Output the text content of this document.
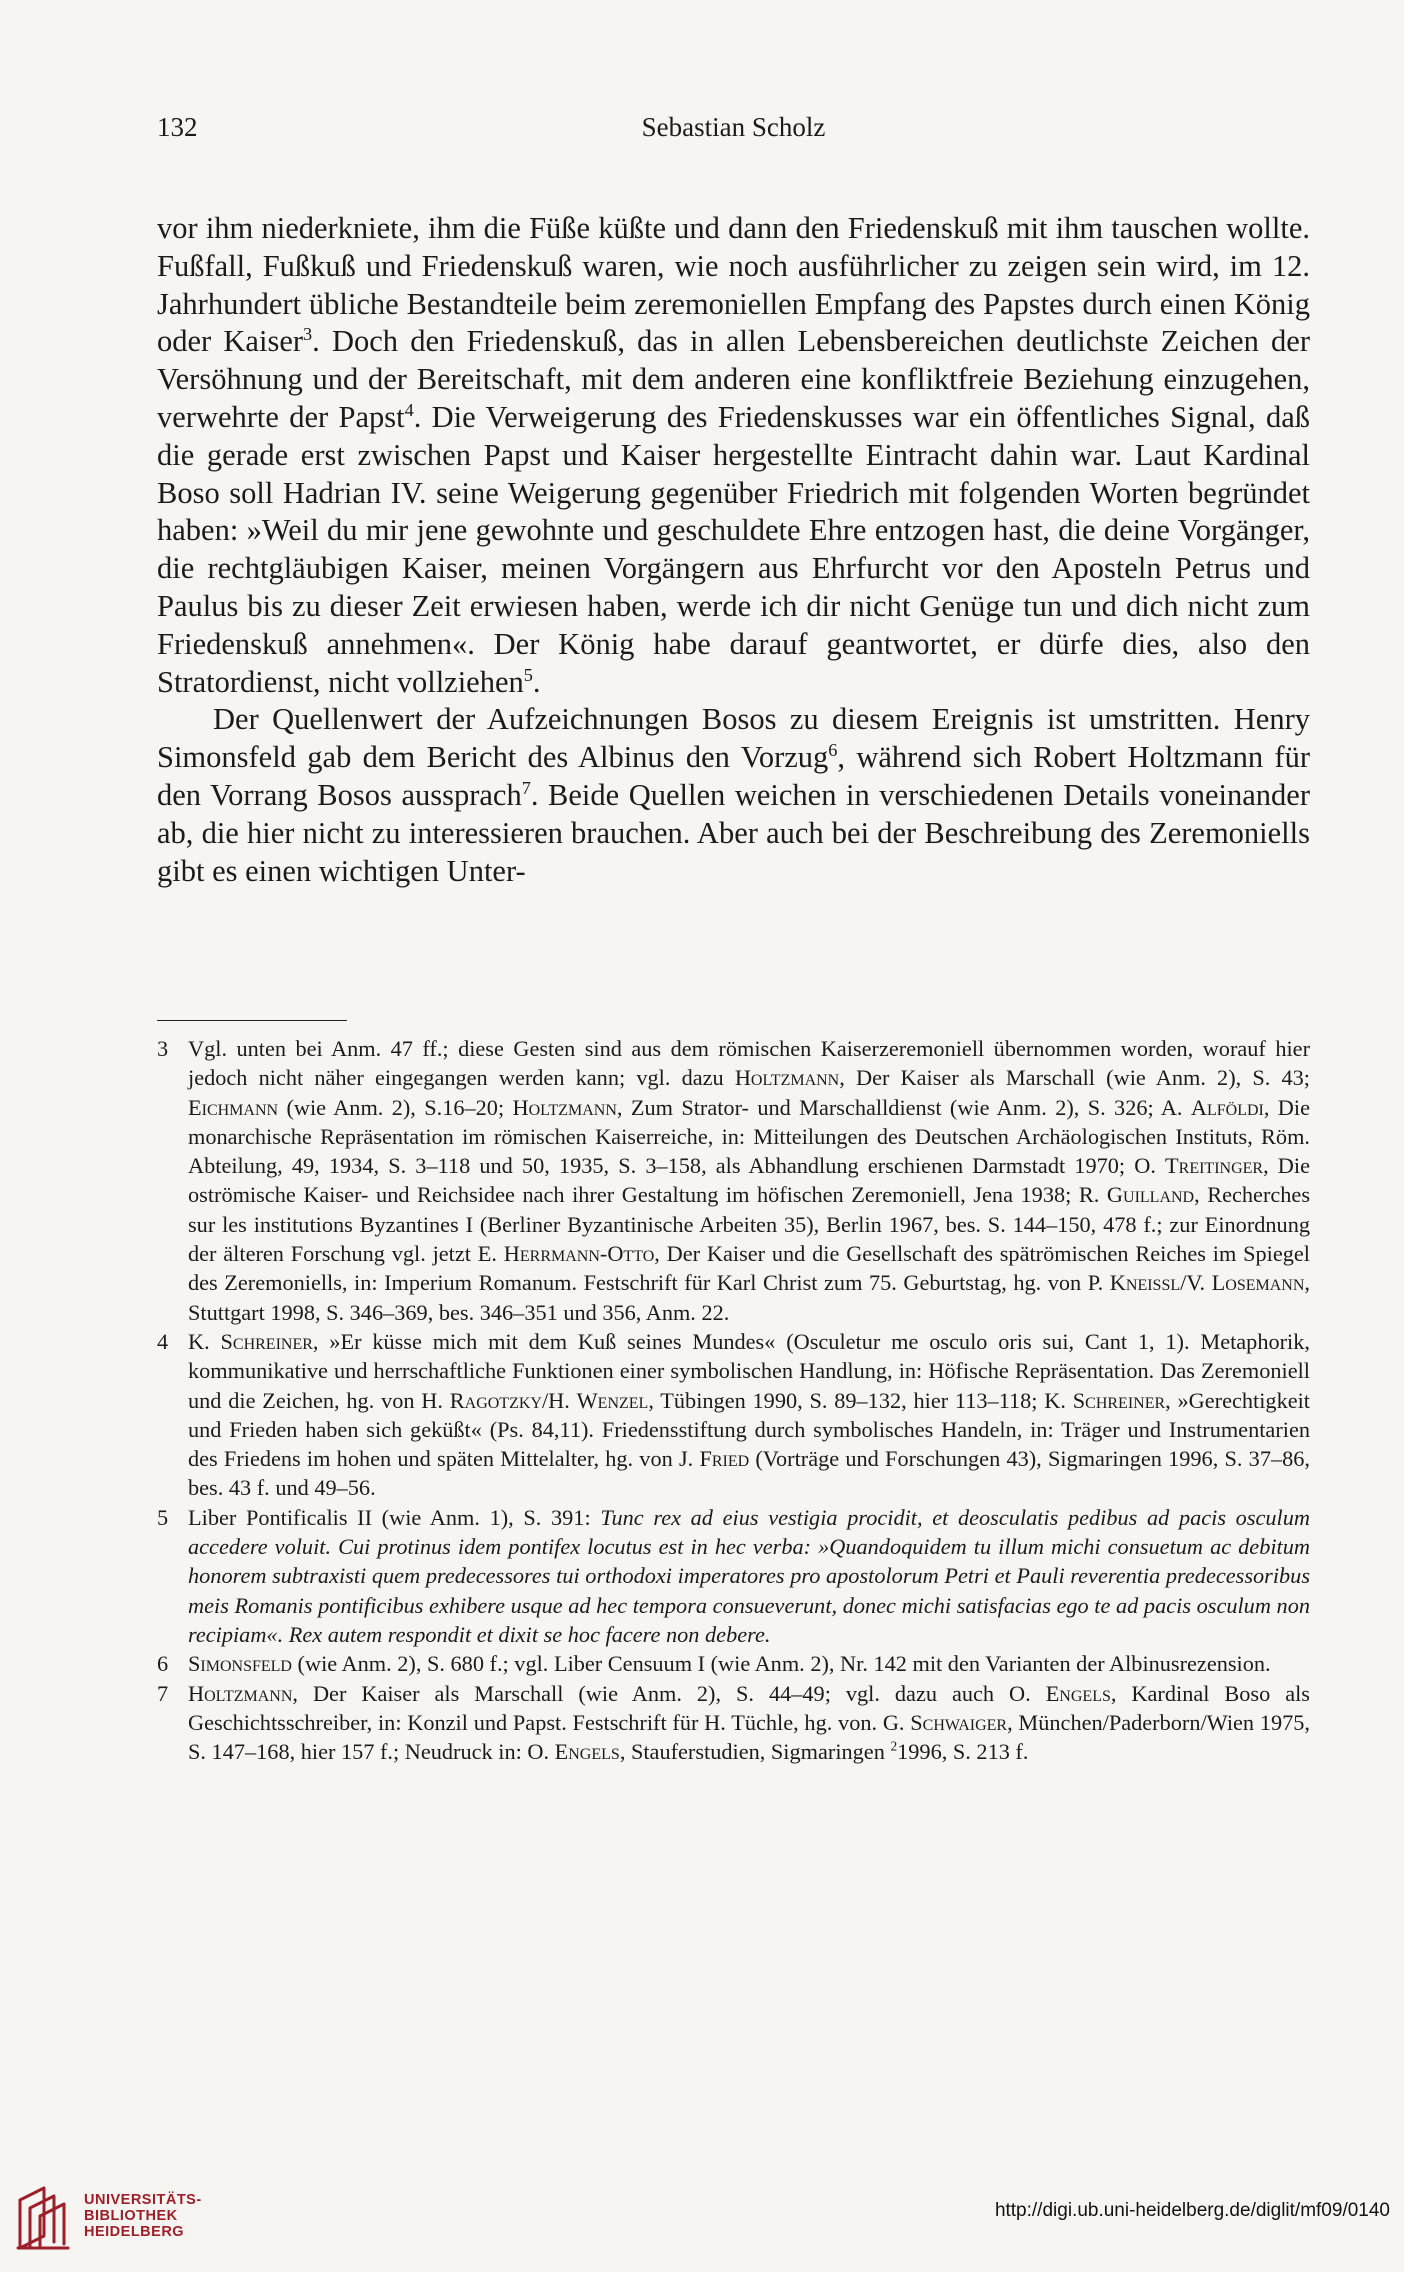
132	Sebastian Scholz

vor ihm niederkniete, ihm die Füße küßte und dann den Friedenskuß mit ihm tauschen wollte. Fußfall, Fußkuß und Friedenskuß waren, wie noch ausführlicher zu zeigen sein wird, im 12. Jahrhundert übliche Bestandteile beim zeremoniellen Empfang des Papstes durch einen König oder Kaiser$^3$. Doch den Friedenskuß, das in allen Lebensbereichen deutlichste Zeichen der Versöhnung und der Bereitschaft, mit dem anderen eine konfliktfreie Beziehung einzugehen, verwehrte der Papst$^4$. Die Verweigerung des Friedenskusses war ein öffentliches Signal, daß die gerade erst zwischen Papst und Kaiser hergestellte Eintracht dahin war. Laut Kardinal Boso soll Hadrian IV. seine Weigerung gegenüber Friedrich mit folgenden Worten begründet haben: »Weil du mir jene gewohnte und geschuldete Ehre entzogen hast, die deine Vorgänger, die rechtgläubigen Kaiser, meinen Vorgängern aus Ehrfurcht vor den Aposteln Petrus und Paulus bis zu dieser Zeit erwiesen haben, werde ich dir nicht Genüge tun und dich nicht zum Friedenskuß annehmen«. Der König habe darauf geantwortet, er dürfe dies, also den Stratordienst, nicht vollziehen$^5$.

Der Quellenwert der Aufzeichnungen Bosos zu diesem Ereignis ist umstritten. Henry Simonsfeld gab dem Bericht des Albinus den Vorzug$^6$, während sich Robert Holtzmann für den Vorrang Bosos aussprach$^7$. Beide Quellen weichen in verschiedenen Details voneinander ab, die hier nicht zu interessieren brauchen. Aber auch bei der Beschreibung des Zeremoniells gibt es einen wichtigen Unter-

3 Vgl. unten bei Anm. 47 ff.; diese Gesten sind aus dem römischen Kaiserzeremoniell übernommen worden, worauf hier jedoch nicht näher eingegangen werden kann; vgl. dazu Holtzmann, Der Kaiser als Marschall (wie Anm. 2), S. 43; Eichmann (wie Anm. 2), S.16–20; Holtzmann, Zum Strator- und Marschalldienst (wie Anm. 2), S. 326; A. Alföldi, Die monarchische Repräsentation im römischen Kaiserreiche, in: Mitteilungen des Deutschen Archäologischen Instituts, Röm. Abteilung, 49, 1934, S. 3–118 und 50, 1935, S. 3–158, als Abhandlung erschienen Darmstadt 1970; O. Treitinger, Die oströmische Kaiser- und Reichsidee nach ihrer Gestaltung im höfischen Zeremoniell, Jena 1938; R. Guilland, Recherches sur les institutions Byzantines I (Berliner Byzantinische Arbeiten 35), Berlin 1967, bes. S. 144–150, 478 f.; zur Einordnung der älteren Forschung vgl. jetzt E. Herrmann-Otto, Der Kaiser und die Gesellschaft des spätrömischen Reiches im Spiegel des Zeremoniells, in: Imperium Romanum. Festschrift für Karl Christ zum 75. Geburtstag, hg. von P. Kneissl/V. Losemann, Stuttgart 1998, S. 346–369, bes. 346–351 und 356, Anm. 22.
4 K. Schreiner, »Er küsse mich mit dem Kuß seines Mundes« (Osculetur me osculo oris sui, Cant 1, 1). Metaphorik, kommunikative und herrschaftliche Funktionen einer symbolischen Handlung, in: Höfische Repräsentation. Das Zeremoniell und die Zeichen, hg. von H. Ragotzky/H. Wenzel, Tübingen 1990, S. 89–132, hier 113–118; K. Schreiner, »Gerechtigkeit und Frieden haben sich geküßt« (Ps. 84,11). Friedensstiftung durch symbolisches Handeln, in: Träger und Instrumentarien des Friedens im hohen und späten Mittelalter, hg. von J. Fried (Vorträge und Forschungen 43), Sigmaringen 1996, S. 37–86, bes. 43 f. und 49–56.
5 Liber Pontificalis II (wie Anm. 1), S. 391: Tunc rex ad eius vestigia procidit, et deosculatis pedibus ad pacis osculum accedere voluit. Cui protinus idem pontifex locutus est in hec verba: »Quandoquidem tu illum michi consuetum ac debitum honorem subtraxisti quem predecessores tui orthodoxi imperatores pro apostolorum Petri et Pauli reverentia predecessoribus meis Romanis pontificibus exhibere usque ad hec tempora consueverunt, donec michi satisfacias ego te ad pacis osculum non recipiam«. Rex autem respondit et dixit se hoc facere non debere.
6 Simonsfeld (wie Anm. 2), S. 680 f.; vgl. Liber Censuum I (wie Anm. 2), Nr. 142 mit den Varianten der Albinusrezension.
7 Holtzmann, Der Kaiser als Marschall (wie Anm. 2), S. 44–49; vgl. dazu auch O. Engels, Kardinal Boso als Geschichtsschreiber, in: Konzil und Papst. Festschrift für H. Tüchle, hg. von. G. Schwaiger, München/Paderborn/Wien 1975, S. 147–168, hier 157 f.; Neudruck in: O. Engels, Stauferstudien, Sigmaringen $^2$1996, S. 213 f.
UNIVERSITÄTS-
BIBLIOTHEK
HEIDELBERG
http://digi.ub.uni-heidelberg.de/diglit/mf09/0140
